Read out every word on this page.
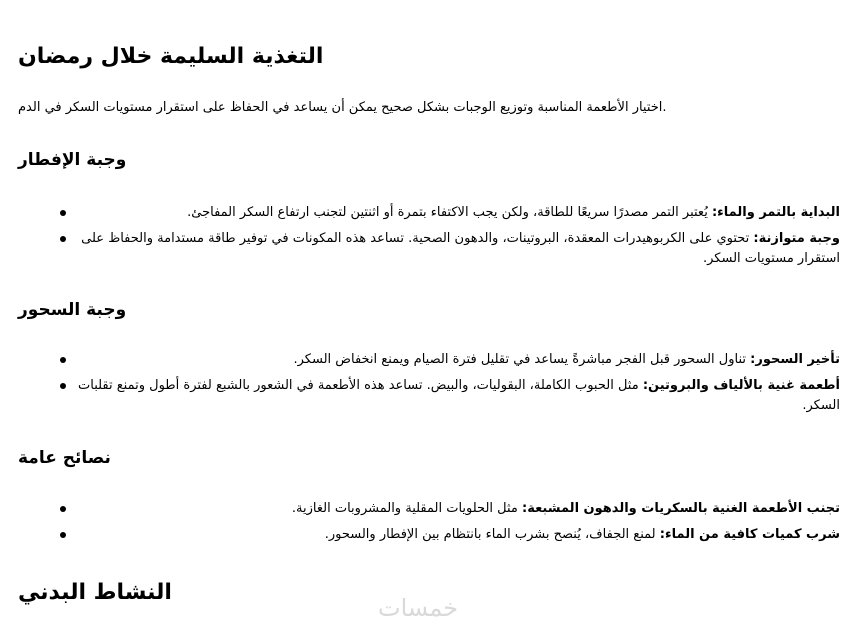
التغذية السليمة خلال رمضان

.اختيار الأطعمة المناسبة وتوزيع الوجبات بشكل صحيح يمكن أن يساعد في الحفاظ على استقرار مستويات السكر في الدم

وجبة الإفطار
البداية بالتمر والماء: يُعتبر التمر مصدرًا سريعًا للطاقة، ولكن يجب الاكتفاء بتمرة أو اثنتين لتجنب ارتفاع السكر المفاجئ.
وجبة متوازنة: تحتوي على الكربوهيدرات المعقدة، البروتينات، والدهون الصحية. تساعد هذه المكونات في توفير طاقة مستدامة والحفاظ على استقرار مستويات السكر.
وجبة السحور
تأخير السحور: تناول السحور قبل الفجر مباشرةً يساعد في تقليل فترة الصيام ويمنع انخفاض السكر.
أطعمة غنية بالألياف والبروتين: مثل الحبوب الكاملة، البقوليات، والبيض. تساعد هذه الأطعمة في الشعور بالشبع لفترة أطول وتمنع تقلبات السكر.
نصائح عامة
تجنب الأطعمة الغنية بالسكريات والدهون المشبعة: مثل الحلويات المقلية والمشروبات الغازية.
شرب كميات كافية من الماء: لمنع الجفاف، يُنصح بشرب الماء بانتظام بين الإفطار والسحور.
النشاط البدني
خمسات
